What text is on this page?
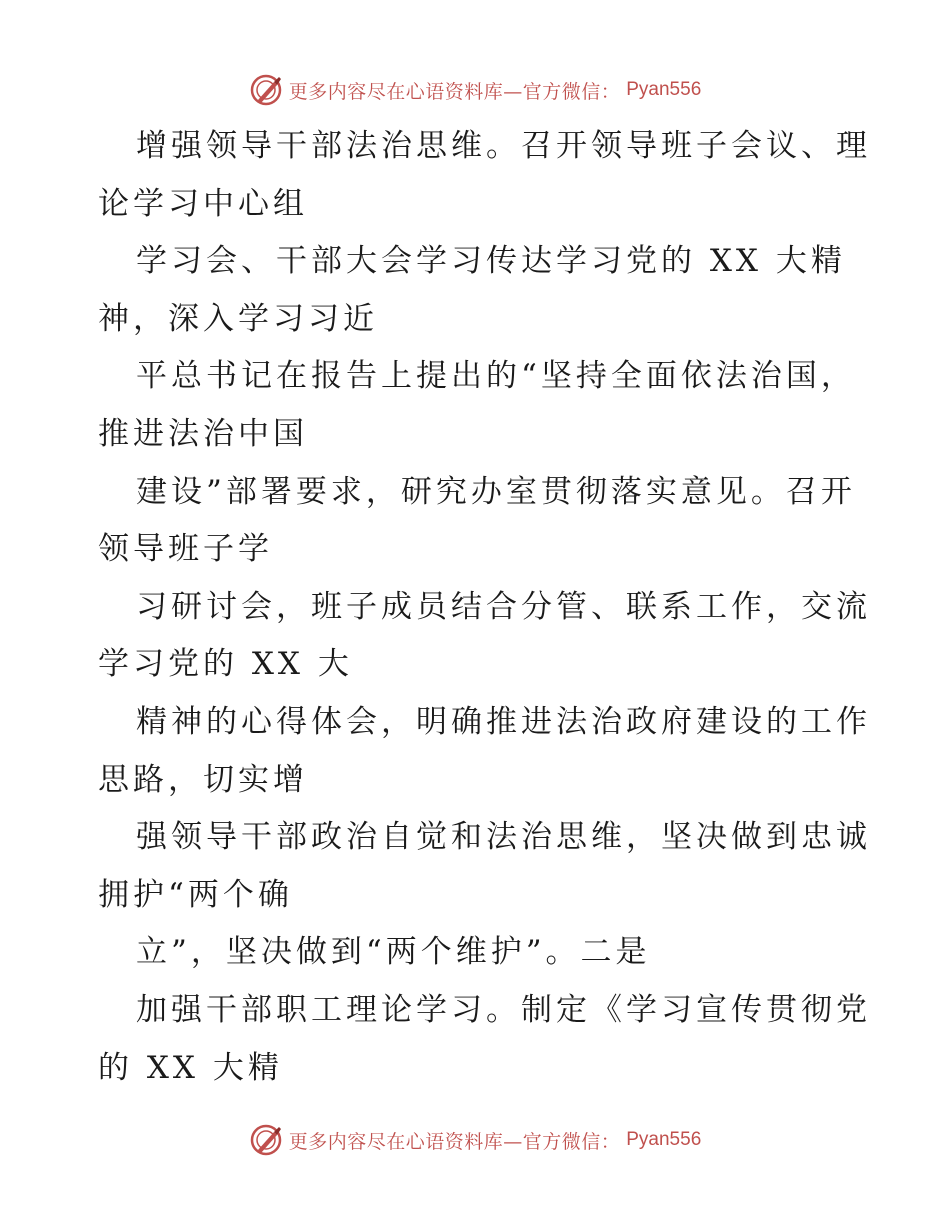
更多内容尽在心语资料库—官方微信： Pyan556
增强领导干部法治思维。召开领导班子会议、理
论学习中心组
学习会、干部大会学习传达学习党的 XX 大精
神，深入学习习近
平总书记在报告上提出的“坚持全面依法治国，
推进法治中国
建设”部署要求，研究办室贯彻落实意见。召开
领导班子学
习研讨会，班子成员结合分管、联系工作，交流
学习党的 XX 大
精神的心得体会，明确推进法治政府建设的工作
思路，切实增
强领导干部政治自觉和法治思维，坚决做到忠诚
拥护“两个确
立”，坚决做到“两个维护”。二是
加强干部职工理论学习。制定《学习宣传贯彻党
的 XX 大精
更多内容尽在心语资料库—官方微信： Pyan556
